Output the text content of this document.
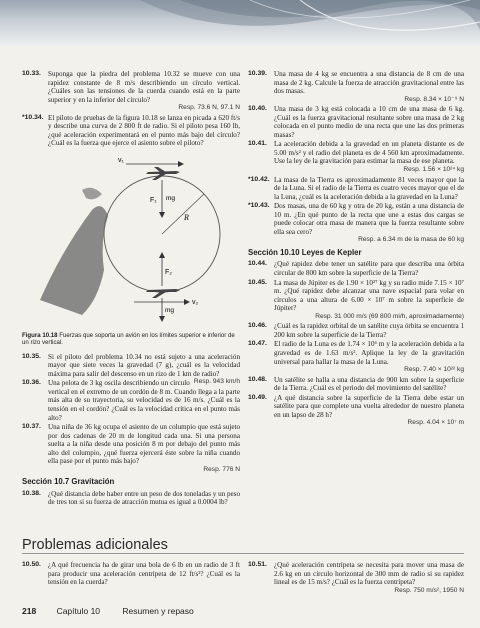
10.33. Suponga que la piedra del problema 10.32 se mueve con una rapidez constante de 8 m/s describiendo un círculo vertical. ¿Cuáles son las tensiones de la cuerda cuando está en la parte superior y en la inferior del círculo?
Resp. 73.6 N, 97.1 N
*10.34. El piloto de pruebas de la figura 10.18 se lanza en picada a 620 ft/s y describe una curva de 2 800 ft de radio. Si el piloto pesa 160 lb, ¿qué aceleración experimentará en el punto más bajo del círculo? ¿Cuál es la fuerza que ejerce el asiento sobre el piloto?
R
v₁
F₁ mg
F₂
mg
v₂
Figura 10.18 Fuerzas que soporta un avión en los límites superior e inferior de un rizo vertical.
10.35. Si el piloto del problema 10.34 no está sujeto a una aceleración mayor que siete veces la gravedad (7 g), ¿cuál es la velocidad máxima para salir del descenso en un rizo de 1 km de radio?
Resp. 943 km/h
10.36. Una pelota de 3 kg oscila describiendo un círculo vertical en el extremo de un cordón de 8 m. Cuando llega a la parte más alta de su trayectoria, su velocidad es de 16 m/s. ¿Cuál es la tensión en el cordón? ¿Cuál es la velocidad crítica en el punto más alto?
10.37. Una niña de 36 kg ocupa el asiento de un columpio que está sujeto por dos cadenas de 20 m de longitud cada una. Si una persona suelta a la niña desde una posición 8 m por debajo del punto más alto del columpio, ¿qué fuerza ejercerá éste sobre la niña cuando ella pase por el punto más bajo?
Resp. 776 N
Sección 10.7 Gravitación
10.38. ¿Qué distancia debe haber entre un peso de dos toneladas y un peso de tres ton si su fuerza de atracción mutua es igual a 0.0004 lb?
10.39. Una masa de 4 kg se encuentra a una distancia de 8 cm de una masa de 2 kg. Calcule la fuerza de atracción gravitacional entre las dos masas.
Resp. 8.34 × 10⁻⁹ N
10.40. Una masa de 3 kg está colocada a 10 cm de una masa de 6 kg. ¿Cuál es la fuerza gravitacional resultante sobre una masa de 2 kg colocada en el punto medio de una recta que une las dos primeras masas?
10.41. La aceleración debida a la gravedad en un planeta distante es de 5.00 m/s² y el radio del planeta es de 4 560 km aproximadamente. Use la ley de la gravitación para estimar la masa de ese planeta.
Resp. 1.56 × 10²⁴ kg
*10.42. La masa de la Tierra es aproximadamente 81 veces mayor que la de la Luna. Si el radio de la Tierra es cuatro veces mayor que el de la Luna, ¿cuál es la aceleración debida a la gravedad en la Luna?
*10.43. Dos masas, una de 60 kg y otra de 20 kg, están a una distancia de 10 m. ¿En qué punto de la recta que une a estas dos cargas se puede colocar otra masa de manera que la fuerza resultante sobre ella sea cero?
Resp. a 6.34 m de la masa de 60 kg
Sección 10.10 Leyes de Kepler
10.44. ¿Qué rapidez debe tener un satélite para que describa una órbita circular de 800 km sobre la superficie de la Tierra?
10.45. La masa de Júpiter es de 1.90 × 10²⁷ kg y su radio mide 7.15 × 10⁷ m. ¿Qué rapidez debe alcanzar una nave espacial para volar en círculos a una altura de 6.00 × 10⁷ m sobre la superficie de Júpiter?
Resp. 31 000 m/s (69 800 mi/h, aproximadamente)
10.46. ¿Cuál es la rapidez orbital de un satélite cuya órbita se encuentra 1 200 km sobre la superficie de la Tierra?
10.47. El radio de la Luna es de 1.74 × 10⁶ m y la aceleración debida a la gravedad es de 1.63 m/s². Aplique la ley de la gravitación universal para hallar la masa de la Luna.
Resp. 7.40 × 10²² kg
10.48. Un satélite se halla a una distancia de 900 km sobre la superficie de la Tierra. ¿Cuál es el periodo del movimiento del satélite?
10.49. ¿A qué distancia sobre la superficie de la Tierra debe estar un satélite para que complete una vuelta alrededor de nuestro planeta en un lapso de 28 h?
Resp. 4.04 × 10⁷ m
Problemas adicionales
10.50. ¿A qué frecuencia ha de girar una bola de 6 lb en un radio de 3 ft para producir una aceleración centrípeta de 12 ft/s²? ¿Cuál es la tensión en la cuerda?
10.51. ¿Qué aceleración centrípeta se necesita para mover una masa de 2.6 kg en un círculo horizontal de 300 mm de radio si su rapidez lineal es de 15 m/s? ¿Cuál es la fuerza centrípeta?
Resp. 750 m/s², 1950 N
218 Capítulo 10	Resumen y repaso
